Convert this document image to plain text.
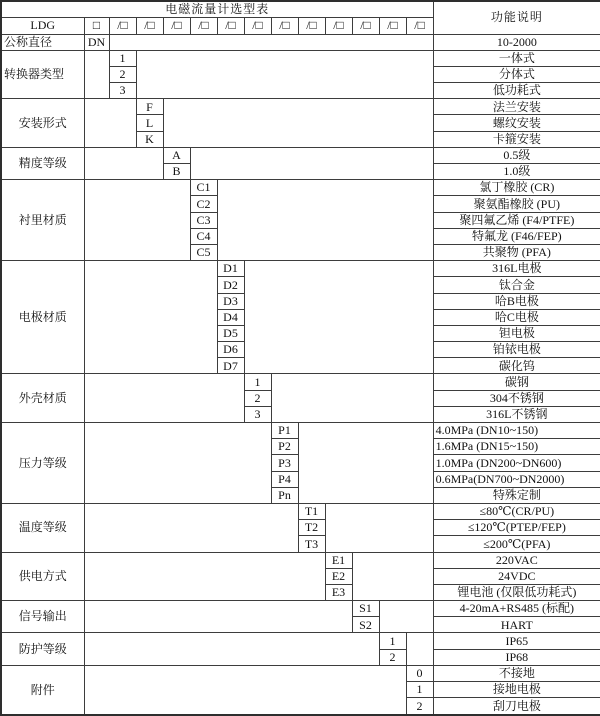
电磁流量计选型表														功能说明
LDG	□	/□	/□	/□	/□	/□	/□	/□	/□	/□	/□	/□	/□	
公称直径	DN													10-2000
转换器类型		1												一体式
		2												分体式
		3												低功耗式
安装形式			F											法兰安装
			L											螺纹安装
			K											卡箍安装
精度等级				A										0.5级
				B										1.0级
衬里材质					C1									氯丁橡胶 (CR)
					C2									聚氨酯橡胶 (PU)
					C3									聚四氟乙烯 (F4/PTFE)
					C4									特氟龙 (F46/FEP)
					C5									共聚物 (PFA)
电极材质						D1								316L电极
						D2								钛合金
						D3								哈B电极
						D4								哈C电极
						D5								钽电极
						D6								铂铱电极
						D7								碳化钨
外壳材质							1							碳钢
							2							304不锈钢
							3							316L不锈钢
压力等级								P1						4.0MPa (DN10~150)
								P2						1.6MPa (DN15~150)
								P3						1.0MPa (DN200~DN600)
								P4						0.6MPa(DN700~DN2000)
								Pn						特殊定制
温度等级									T1					≤80℃(CR/PU)
									T2					≤120℃(PTEP/FEP)
									T3					≤200℃(PFA)
供电方式										E1				220VAC
										E2				24VDC
										E3				锂电池 (仅限低功耗式)
信号输出											S1			4-20mA+RS485 (标配)
											S2			HART
防护等级												1		IP65
												2		IP68
附件													0	不接地
													1	接地电极
													2	刮刀电极
